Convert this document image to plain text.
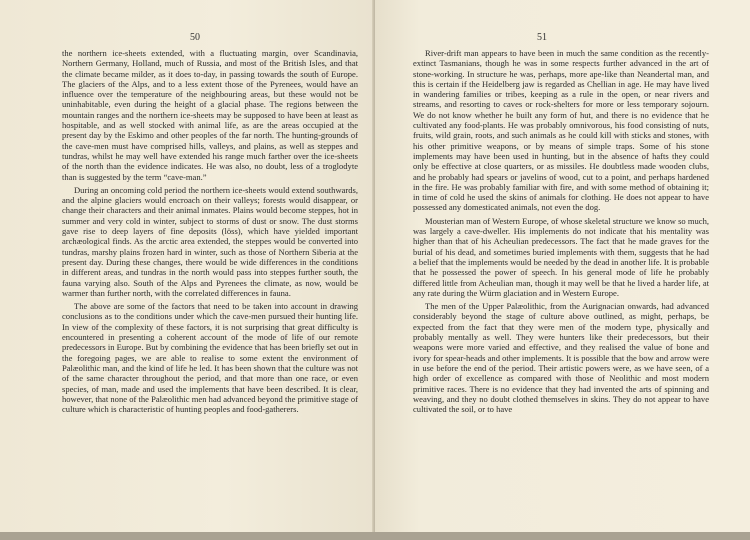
50

the northern ice-sheets extended, with a fluctuating margin, over Scandinavia, Northern Germany, Holland, much of Russia, and most of the British Isles, and that the climate became milder, as it does to-day, in passing towards the south of Europe. The glaciers of the Alps, and to a less extent those of the Pyrenees, would have an influence over the temperature of the neighbouring areas, but these would not be uninhabitable, even during the height of a glacial phase. The regions between the mountain ranges and the northern ice-sheets may be supposed to have been at least as hospitable, and as well stocked with animal life, as are the areas occupied at the present day by the Eskimo and other peoples of the far north. The hunting-grounds of the cave-men must have comprised hills, valleys, and plains, as well as steppes and tundras, whilst he may well have extended his range much farther over the ice-sheets of the north than the evidence indicates. He was also, no doubt, less of a troglodyte than is suggested by the term “cave-man.”

During an oncoming cold period the northern ice-sheets would extend southwards, and the alpine glaciers would encroach on their valleys; forests would disappear, or change their characters and their animal inmates. Plains would become steppes, hot in summer and very cold in winter, subject to storms of dust or snow. The dust storms gave rise to deep layers of fine deposits (löss), which have yielded important archæological finds. As the arctic area extended, the steppes would be converted into tundras, marshy plains frozen hard in winter, such as those of Northern Siberia at the present day. During these changes, there would be wide differences in the conditions in different areas, and tundras in the north would pass into steppes further south, the fauna varying also. South of the Alps and Pyrenees the climate, as now, would be warmer than further north, with the correlated differences in fauna.

The above are some of the factors that need to be taken into account in drawing conclusions as to the conditions under which the cave-men pursued their hunting life. In view of the complexity of these factors, it is not surprising that great difficulty is encountered in presenting a coherent account of the mode of life of our remote predecessors in Europe. But by combining the evidence that has been briefly set out in the foregoing pages, we are able to realise to some extent the environment of Palæolithic man, and the kind of life he led. It has been shown that the culture was not of the same character throughout the period, and that more than one race, or even species, of man, made and used the implements that have been described. It is clear, however, that none of the Palæolithic men had advanced beyond the primitive stage of culture which is characteristic of hunting peoples and food-gatherers.

51

River-drift man appears to have been in much the same condition as the recently-extinct Tasmanians, though he was in some respects further advanced in the art of stone-working. In structure he was, perhaps, more ape-like than Neandertal man, and this is certain if the Heidelberg jaw is regarded as Chellian in age. He may have lived in wandering families or tribes, keeping as a rule in the open, or near rivers and streams, and resorting to caves or rock-shelters for more or less temporary sojourn. We do not know whether he built any form of hut, and there is no evidence that he cultivated any food-plants. He was probably omnivorous, his food consisting of nuts, fruits, wild grain, roots, and such animals as he could kill with sticks and stones, with his other primitive weapons, or by means of simple traps. Some of his stone implements may have been used in hunting, but in the absence of hafts they could only be effective at close quarters, or as missiles. He doubtless made wooden clubs, and he probably had spears or javelins of wood, cut to a point, and perhaps hardened in the fire. He was probably familiar with fire, and with some method of obtaining it; in time of cold he used the skins of animals for clothing. He does not appear to have possessed any domesticated animals, not even the dog.

Mousterian man of Western Europe, of whose skeletal structure we know so much, was largely a cave-dweller. His implements do not indicate that his mentality was higher than that of his Acheulian predecessors. The fact that he made graves for the burial of his dead, and sometimes buried implements with them, suggests that he had a belief that the implements would be needed by the dead in another life. It is probable that he possessed the power of speech. In his general mode of life he probably differed little from Acheulian man, though it may well be that he lived a harder life, at any rate during the Würm glaciation and in Western Europe.

The men of the Upper Palæolithic, from the Aurignacian onwards, had advanced considerably beyond the stage of culture above outlined, as might, perhaps, be expected from the fact that they were men of the modern type, physically and probably mentally as well. They were hunters like their predecessors, but their weapons were more varied and effective, and they realised the value of bone and ivory for spear-heads and other implements. It is possible that the bow and arrow were in use before the end of the period. Their artistic powers were, as we have seen, of a high order of excellence as compared with those of Neolithic and most modern primitive races. There is no evidence that they had invented the arts of spinning and weaving, and they no doubt clothed themselves in skins. They do not appear to have cultivated the soil, or to have
